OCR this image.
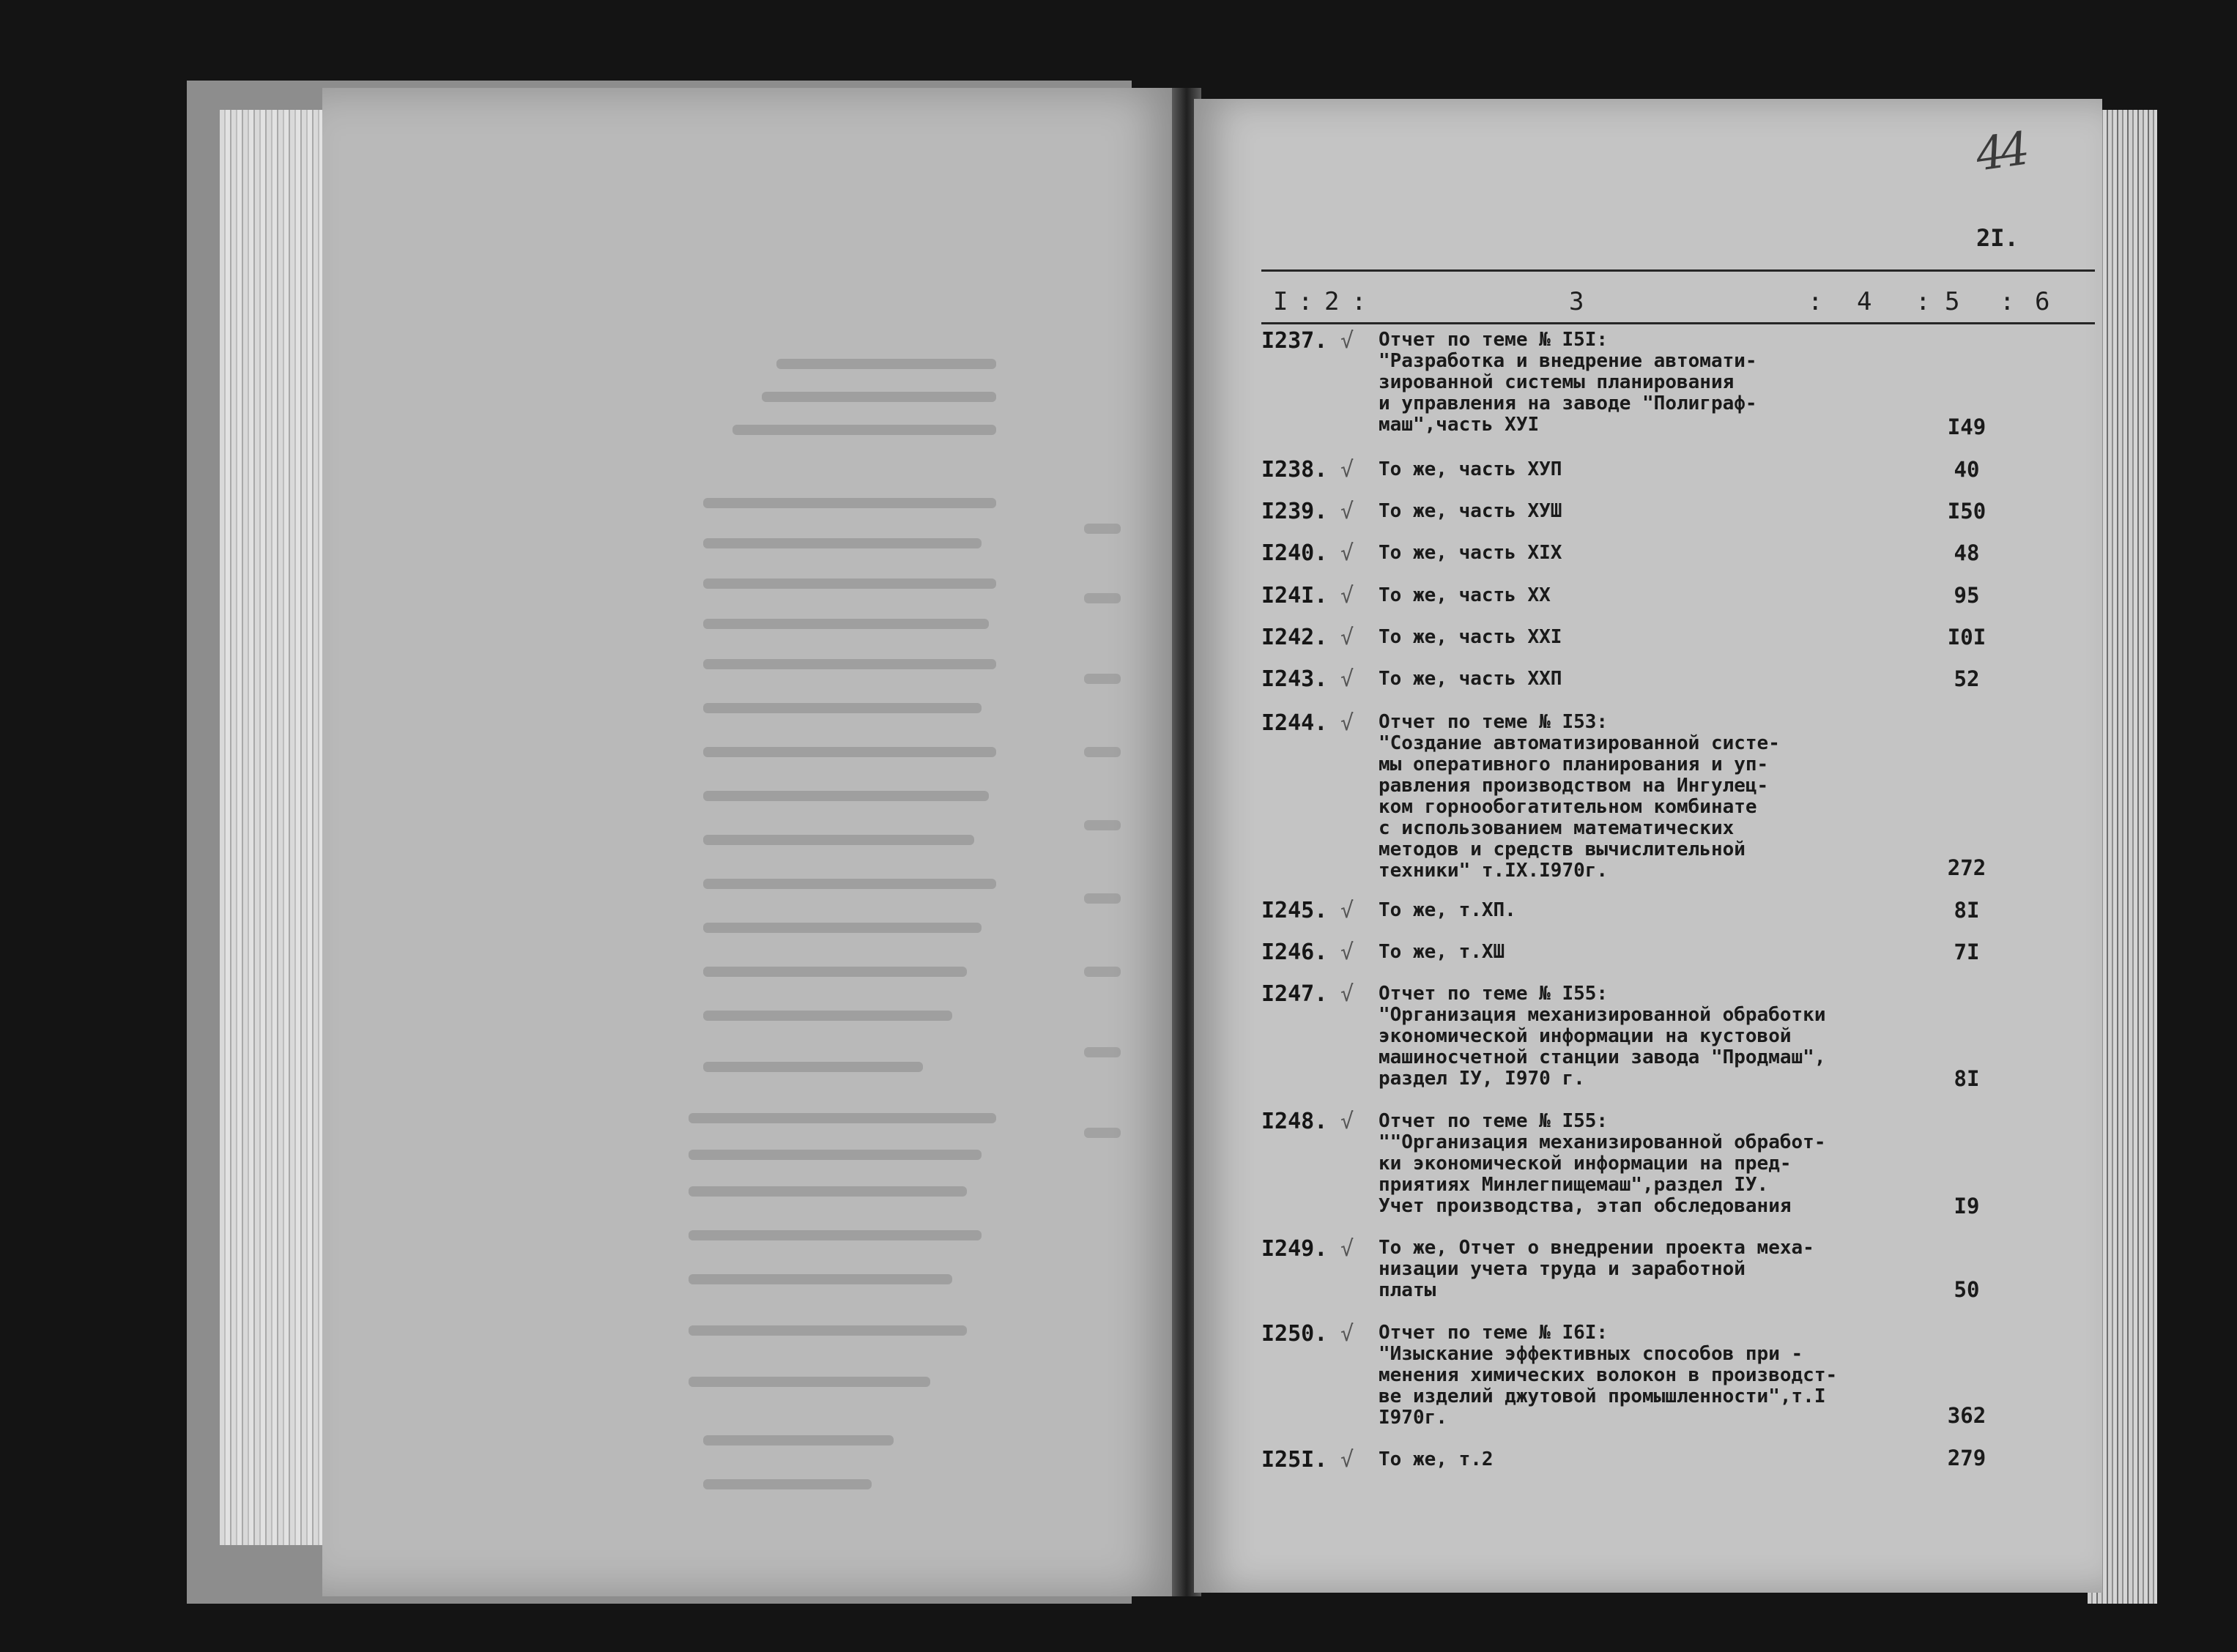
44
2I.
I : 2 :	3	: 4 : 5 : 6
I237. √ Отчет по теме № I5I:
"Разработка и внедрение автомати-
зированной системы планирования
и управления на заводе "Полиграф-
маш",часть ХУI	I49
I238. √ То же, часть ХУП	40
I239. √ То же, часть ХУШ	I50
I240. √ То же, часть XIX	48
I24I. √ То же, часть ХХ	95
I242. √ То же, часть XXI	I0I
I243. √ То же, часть ХХП	52
I244. √ Отчет по теме № I53:
"Создание автоматизированной систе-
мы оперативного планирования и уп-
равления производством на Ингулец-
ком горнообогатительном комбинате
с использованием математических
методов и средств вычислительной
техники" т.IX.I970г.	272
I245. √ То же, т.ХП.	8I
I246. √ То же, т.ХШ	7I
I247. √ Отчет по теме № I55:
"Организация механизированной обработки
экономической информации на кустовой
машиносчетной станции завода "Продмаш",
раздел IУ, I970 г.	8I
I248. √ Отчет по теме № I55:
""Организация механизированной обработ-
ки экономической информации на пред-
приятиях Минлегпищемаш",раздел IУ.
Учет производства, этап обследования	I9
I249. √ То же, Отчет о внедрении проекта меха-
низации учета труда и заработной
платы	50
I250. √ Отчет по теме № I6I:
"Изыскание эффективных способов при -
менения химических волокон в производст-
ве изделий джутовой промышленности",т.I
I970г.	362
I25I. √ То же, т.2	279
